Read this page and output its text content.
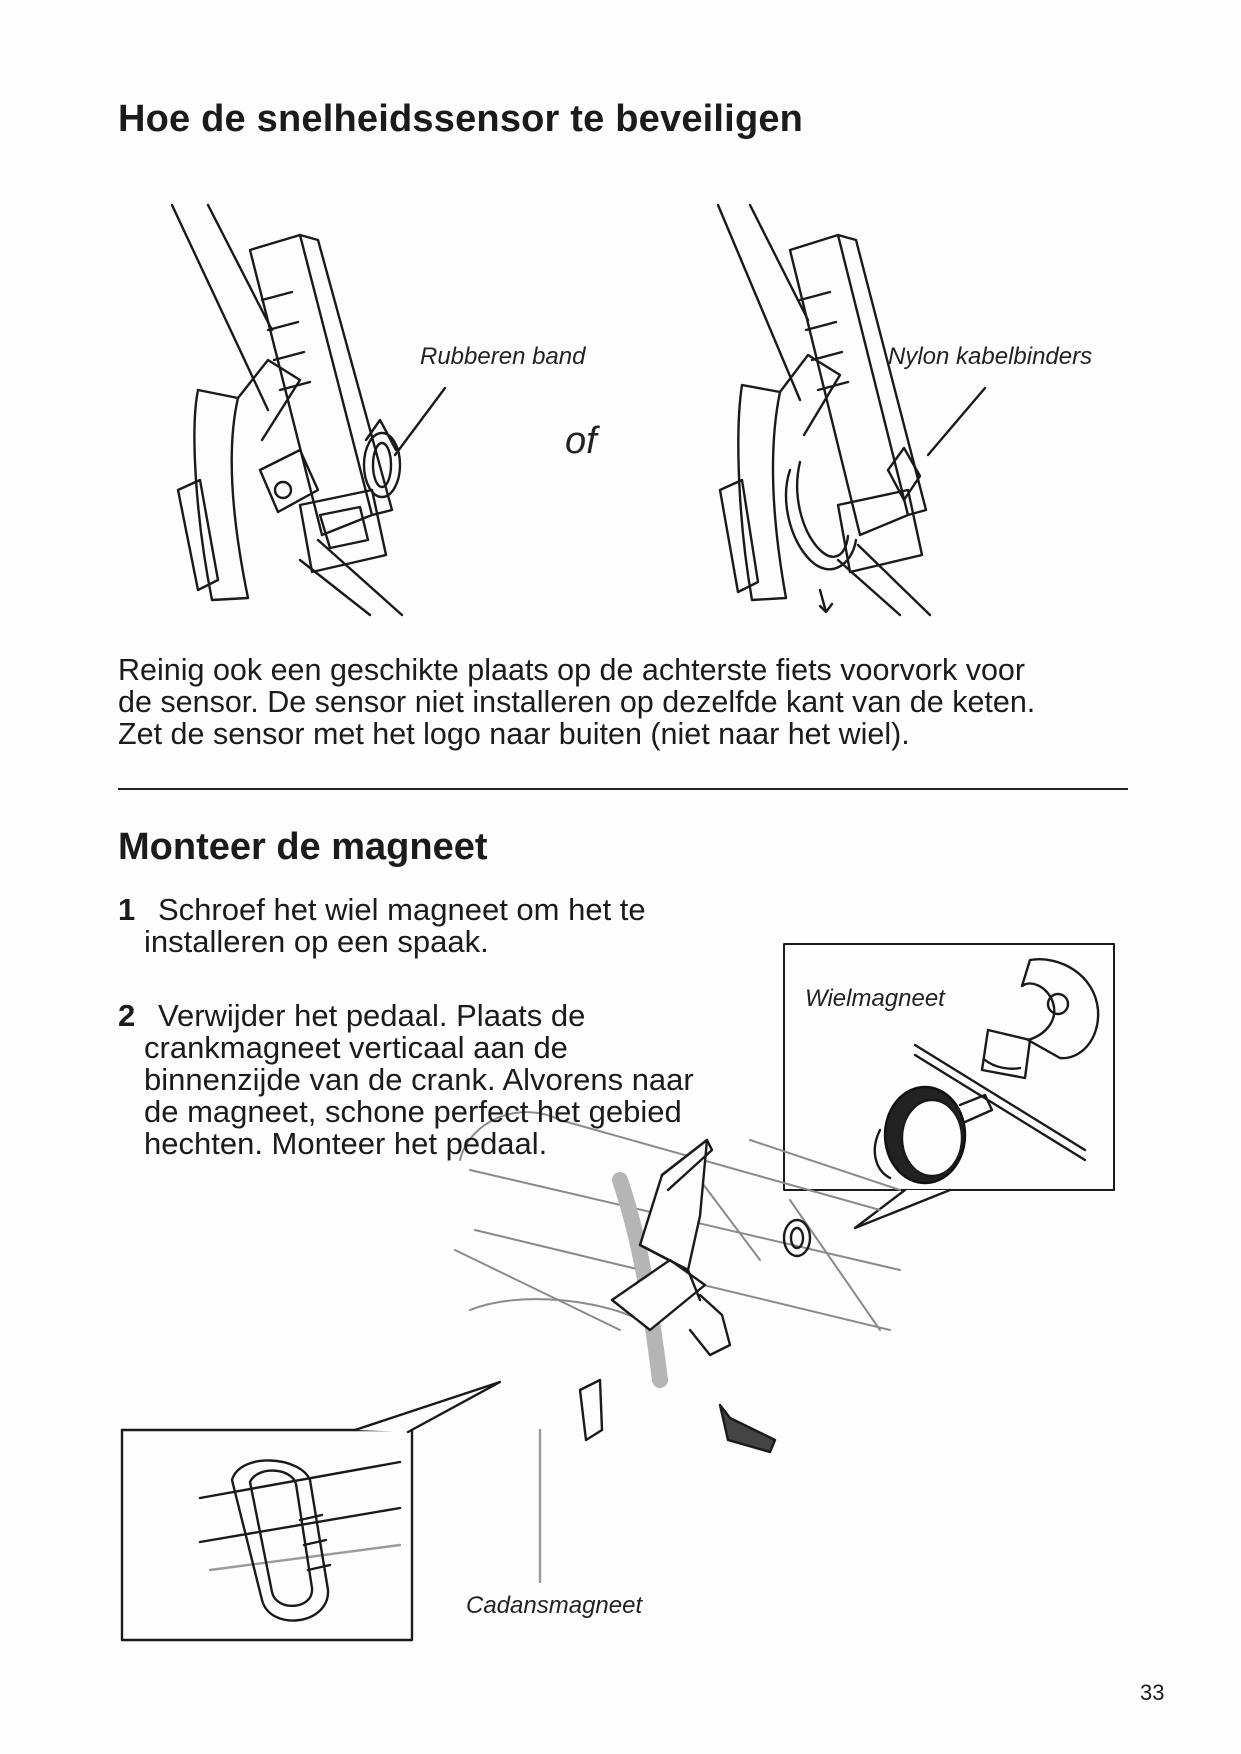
Hoe de snelheidssensor te beveiligen
Rubberen band	Nylon kabelbinders
of

Reinig ook een geschikte plaats op de achterste fiets voorvork voor
de sensor. De sensor niet installeren op dezelfde kant van de keten.
Zet de sensor met het logo naar buiten (niet naar het wiel).

Monteer de magneet
1 Schroef het wiel magneet om het te
installeren op een spaak.
2 Verwijder het pedaal. Plaats de
crankmagneet verticaal aan de
binnenzijde van de crank. Alvorens naar
de magneet, schone perfect het gebied
hechten. Monteer het pedaal.
Wielmagneet
Cadansmagneet
33
